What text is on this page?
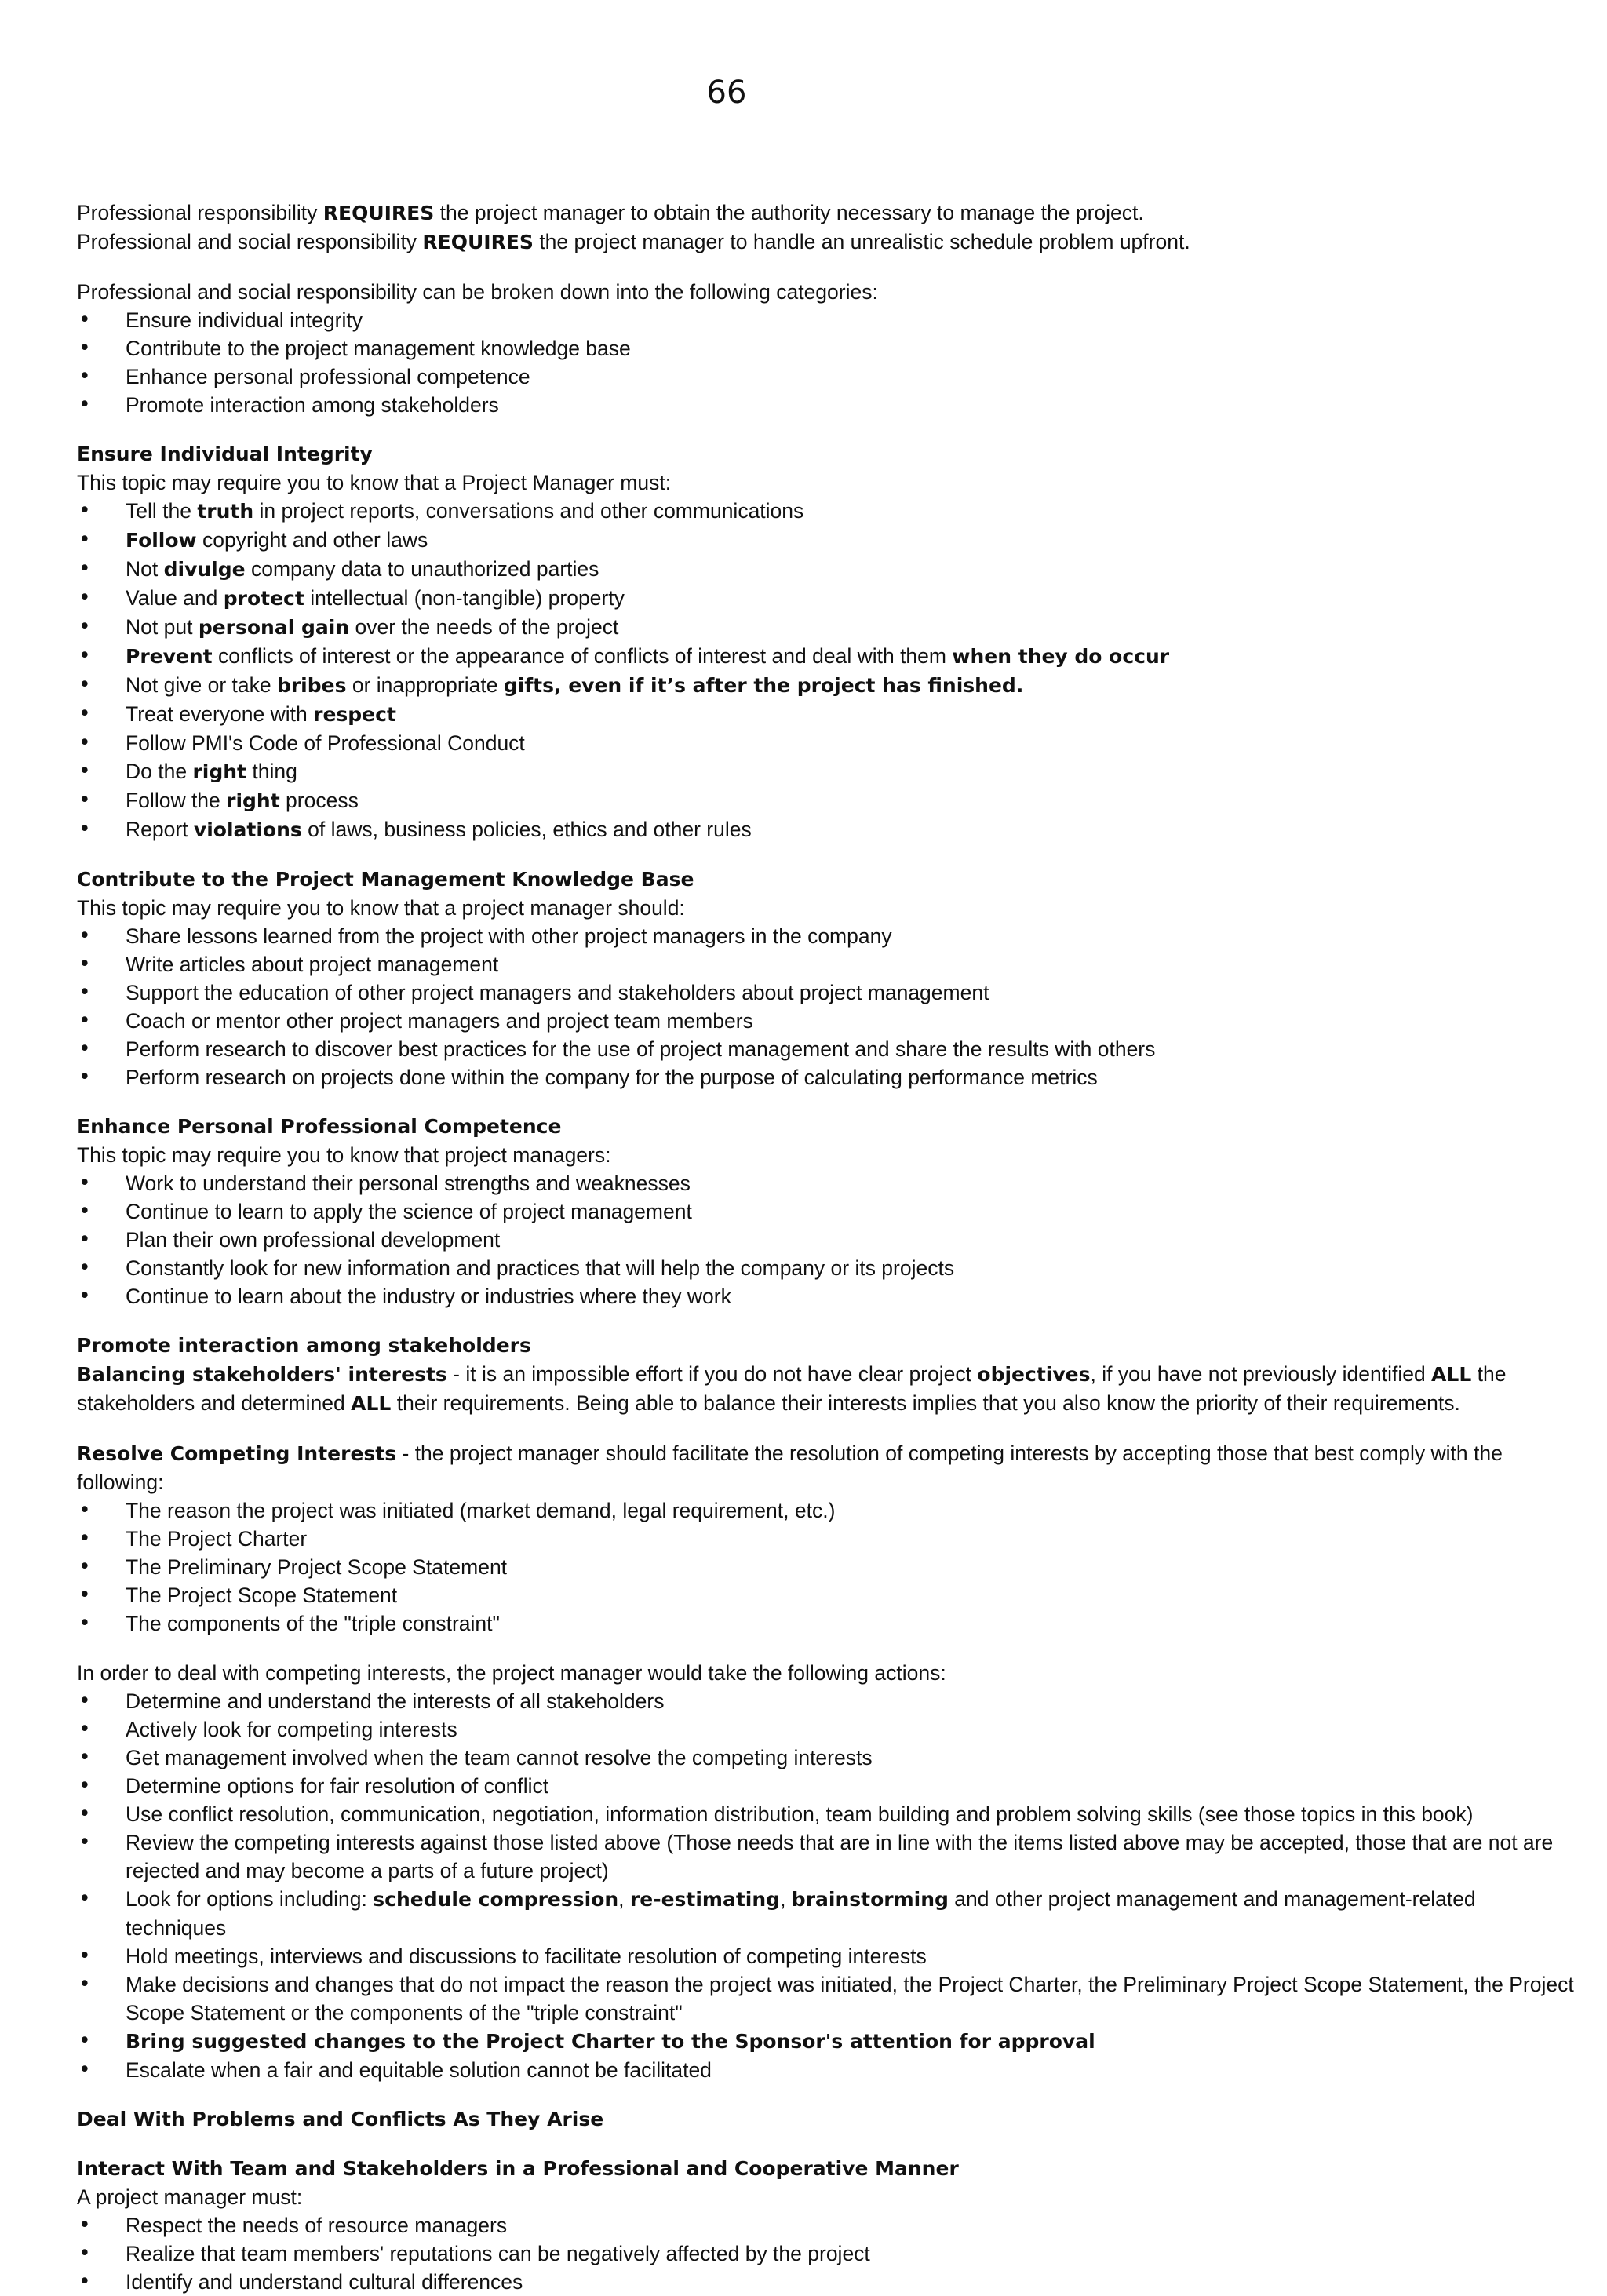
66

Professional responsibility REQUIRES the project manager to obtain the authority necessary to manage the project.

Professional and social responsibility REQUIRES the project manager to handle an unrealistic schedule problem upfront.

Professional and social responsibility can be broken down into the following categories:

• Ensure individual integrity
• Contribute to the project management knowledge base
• Enhance personal professional competence
• Promote interaction among stakeholders

Ensure Individual Integrity

This topic may require you to know that a Project Manager must:

• Tell the truth in project reports, conversations and other communications
• Follow copyright and other laws
• Not divulge company data to unauthorized parties
• Value and protect intellectual (non-tangible) property
• Not put personal gain over the needs of the project
• Prevent conflicts of interest or the appearance of conflicts of interest and deal with them when they do occur
• Not give or take bribes or inappropriate gifts, even if it’s after the project has finished.
• Treat everyone with respect
• Follow PMI's Code of Professional Conduct
• Do the right thing
• Follow the right process
• Report violations of laws, business policies, ethics and other rules

Contribute to the Project Management Knowledge Base

This topic may require you to know that a project manager should:

• Share lessons learned from the project with other project managers in the company
• Write articles about project management
• Support the education of other project managers and stakeholders about project management
• Coach or mentor other project managers and project team members
• Perform research to discover best practices for the use of project management and share the results with others
• Perform research on projects done within the company for the purpose of calculating performance metrics

Enhance Personal Professional Competence

This topic may require you to know that project managers:

• Work to understand their personal strengths and weaknesses
• Continue to learn to apply the science of project management
• Plan their own professional development
• Constantly look for new information and practices that will help the company or its projects
• Continue to learn about the industry or industries where they work

Promote interaction among stakeholders

Balancing stakeholders' interests - it is an impossible effort if you do not have clear project objectives, if you have not previously identified ALL the stakeholders and determined ALL their requirements. Being able to balance their interests implies that you also know the priority of their requirements.

Resolve Competing Interests - the project manager should facilitate the resolution of competing interests by accepting those that best comply with the following:

• The reason the project was initiated (market demand, legal requirement, etc.)
• The Project Charter
• The Preliminary Project Scope Statement
• The Project Scope Statement
• The components of the "triple constraint"

In order to deal with competing interests, the project manager would take the following actions:

• Determine and understand the interests of all stakeholders
• Actively look for competing interests
• Get management involved when the team cannot resolve the competing interests
• Determine options for fair resolution of conflict
• Use conflict resolution, communication, negotiation, information distribution, team building and problem solving skills (see those topics in this book)
• Review the competing interests against those listed above (Those needs that are in line with the items listed above may be accepted, those that are not are rejected and may become a parts of a future project)
• Look for options including: schedule compression, re-estimating, brainstorming and other project management and management-related techniques
• Hold meetings, interviews and discussions to facilitate resolution of competing interests
• Make decisions and changes that do not impact the reason the project was initiated, the Project Charter, the Preliminary Project Scope Statement, the Project Scope Statement or the components of the "triple constraint"
• Bring suggested changes to the Project Charter to the Sponsor's attention for approval
• Escalate when a fair and equitable solution cannot be facilitated

Deal With Problems and Conflicts As They Arise

Interact With Team and Stakeholders in a Professional and Cooperative Manner

A project manager must:

• Respect the needs of resource managers
• Realize that team members' reputations can be negatively affected by the project
• Identify and understand cultural differences
